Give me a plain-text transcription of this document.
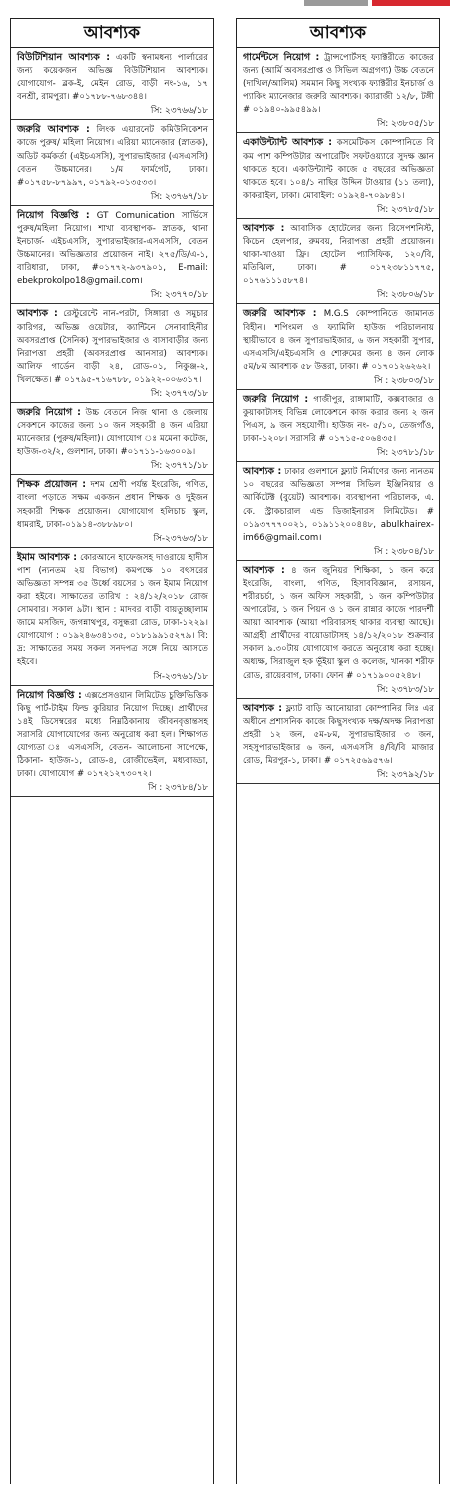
আবশ্যক

বিউটিশিয়ান আবশ্যক : একটি স্বনামধন্য পার্লারের জন্য কয়েকজন অভিজ্ঞ বিউটিশিয়ান আবশ্যক। যোগাযোগ- ব্লক-ই, মেইন রোড, বাড়ী নং-১৬, ১৭ বনশ্রী, রামপুরা। #০১৭৮৮-৭৬৮৩৪৪।

সি: ২৩৭৬৬/১৮

জরুরি আবশ্যক : লিংক এয়ারনেট কমিউনিকেশন কাজে পুরুষ/ মহিলা নিয়োগ। এরিয়া ম্যানেজার (স্নাতক), অডিট কর্মকর্তা (এইচএসসি), সুপারভাইজার (এসএসসি) বেতন উচ্চমানের। ১/ম ফার্মগেট, ঢাকা। #০১৭৫৮-৮৭৯৯৭, ০১৭৯২-০১৩৫৩৩।

সি: ২৩৭৬৭/১৮

নিয়োগ বিজ্ঞপ্তি : GT Comunication সার্ভিসে পুরুষ/মহিলা নিয়োগ। শাখা ব্যবস্থাপক- স্নাতক, থানা ইনচার্জ- এইচএসসি, সুপারভাইজার-এসএসসি, বেতন উচ্চমানের। অভিজ্ঞতার প্রয়োজন নাই। ২৭৫/ডি/এ-১, বারিধারা, ঢাকা, #০১৭৭২-৯৩৭৯০১, E-mail: ebekprokolpo18@gmail.com।

সি: ২৩৭৭০/১৮

আবশ্যক : রেস্টুরেন্টে নান-পরটা, সিঙ্গারা ও সমুচার কারিগর, অভিজ্ঞ ওয়েটার, ক্যান্টিনে সেনাবাহিনীর অবসরপ্রাপ্ত (সৈনিক) সুপারভাইজার ও বাসাবাড়ীর জন্য নিরাপত্তা প্রহরী (অবসরপ্রাপ্ত আনসার) আবশ্যক। আলিফ গার্ডেন বাড়ী ২৪, রোড-০১, নিকুঞ্জ-২, খিলক্ষেত। # ০১৭৯৫-৭১৬৭৮৮, ০১৯২২-০০৬৩১৭।

সি: ২৩৭৭৩/১৮

জরুরি নিয়োগ : উচ্চ বেতনে নিজ থানা ও জেলায় সেকশনে কাজের জন্য ১০ জন সহকারী ৪ জন এরিয়া ম্যানেজার (পুরুষ/মহিলা)। যোগাযোগ ঃ মমেনা কটেজ, হাউজ-৩২/২, গুলশান, ঢাকা। #০১৭১১-১৬৩০০৯।

সি: ২৩৭৭১/১৮

শিক্ষক প্রয়োজন : দশম শ্রেণী পর্যন্ত ইংরেজি, গণিত, বাংলা পড়াতে সক্ষম একজন প্রধান শিক্ষক ও দুইজন সহকারী শিক্ষক প্রয়োজন। যোগাযোগ হলিচাচ স্কুল, ধামরাই, ঢাকা-০১৯১৪-৩৮৮৯৮০।

সি-২৩৭৬৩/১৮

ইমাম আবশ্যক : কোরআনে হাফেজসহ দাওরায়ে হাদীস পাশ (ন্যনতম ২য় বিভাগ) কমপক্ষে ১০ বৎসরের অভিজ্ঞতা সম্পন্ন ৩৫ উর্ধ্বে বয়সের ১ জন ইমাম নিয়োগ করা হইবে। সাক্ষাতের তারিখ : ২৪/১২/২০১৮ রোজ সোমবার। সকাল ৯টা। স্থান : মাদবর বাড়ী বায়তুচ্ছালাম জামে মসজিদ, জগন্নাথপুর, বসুন্ধরা রোড, ঢাকা-১২২৯। যোগাযোগ : ০১৯২৪৬৩৪১৩৫, ০১৮১৯৯১৫২৭৯। বি: দ্র: সাক্ষাতের সময় সকল সনদপত্র সঙ্গে নিয়ে আসতে হইবে।

সি-২৩৭৬১/১৮

নিয়োগ বিজ্ঞপ্তি : এক্সপ্রেসওয়ান লিমিটেড চুক্তিভিত্তিক কিছু পার্ট-টাইম ফিল্ড কুরিয়ার নিয়োগ দিচ্ছে। প্রার্থীদের ১৪ই ডিসেম্বরের মধ্যে নিম্নঠিকানায় জীবনবৃত্তান্তসহ সরাসরি যোগাযোগের জন্য অনুরোধ করা হল। শিক্ষাগত যোগ্যতা ঃ এসএসসি, বেতন- আলোচনা সাপেক্ষে, ঠিকানা- হাউজ-১, রোড-৪, রোজীভেইল, মধ্যবাড্ডা, ঢাকা। যোগাযোগ # ০১৭২১২৭৩০৭২।

সি : ২৩৭৮৪/১৮
আবশ্যক

গার্মেন্টসে নিয়োগ : ট্রান্সপোর্টসহ ফ্যাক্টরীতে কাজের জন্য (আর্মি অবসরপ্রাপ্ত ও সিভিল অগ্রগণ্য) উচ্চ বেতনে (দাখিল/আলিম) সমমান কিছু সংখ্যক ফ্যাক্টরীর ইনচার্জ ও প্যাকিং ম্যানেজার জরুরি আবশ্যক। ক্যারাজী ১২/৮, টঙ্গী # ০১৯৪০-৯৯৫৪৯৯।

সি: ২৩৮০৫/১৮

একাউন্ট্যান্ট আবশ্যক : কসমেটিকস কোম্পানিতে বি কম পাশ কম্পিউটার অপারেটিং সফটওয়্যারে সুদক্ষ জ্ঞান থাকতে হবে। একাউন্ট্যান্ট কাজে ৫ বছরের অভিজ্ঞতা থাকতে হবে। ১০৪/১ নাছির উদ্দিন টাওয়ার (১১ তলা), কাকরাইল, ঢাকা। মোবাইল: ০১৯২৪-৭০৯৮৪১।

সি: ২৩৭৮৫/১৮

আবশ্যক : আবাসিক হোটেলের জন্য রিসেপশনিস্ট, কিচেন হেলপার, রুমবয়, নিরাপত্তা প্রহরী প্রয়োজন। থাকা-খাওয়া ফ্রি। হোটেল প্যাসিফিক, ১২০/বি, মতিঝিল, ঢাকা। # ০১৭২৩৮১১৭৭৫, ০১৭৬১১১৫৮৭৪।

সি: ২৩৮০৬/১৮

জরুরি আবশ্যক : M.G.S কোম্পানিতে জামানত বিহীন। শপিংমল ও ফ্যামিলি হাউজ পরিচালনায় স্থায়ীভাবে ৪ জন সুপারভাইজার, ৬ জন সহকারী সুপার, এসএসসি/এইচএসসি ও শোরুমের জন্য ৪ জন লোক ৫ম/৮ম আবশ্যক ৫৮ উত্তরা, ঢাকা। # ০১৭০১২৬২৬২।

সি : ২৩৮০৩/১৮

জরুরি নিয়োগ : গাজীপুর, রাঙ্গামাটি, কক্সবাজার ও কুয়াকাটাসহ বিভিন্ন লোকেশনে কাজ করার জন্য ২ জন পিএস, ৯ জন সহযোগী। হাউজ নং- ৫/১০, তেজগাঁও, ঢাকা-১২০৮। সরাসরি # ০১৭১৫-৫০৬৪৩৫।

সি: ২৩৭৮১/১৮

আবশ্যক : ঢাকার গুলশানে ফ্ল্যাট নির্মাণের জন্য ন্যনতম ১০ বছরের অভিজ্ঞতা সম্পন্ন সিভিল ইঞ্জিনিয়ার ও আর্কিটেক্ট (বুয়েট) আবশ্যক। ব্যবস্থাপনা পরিচালক, এ. কে. স্ট্রাকচারাল এন্ড ডিজাইনারস লিমিটেড। # ০১৯৩৭৭৭০০২১, ০১৯১১২০০৪৪৮, abulkhairex-im66@gmail.com।

সি : ২৩৮০৪/১৮

আবশ্যক : ৪ জন জুনিয়র শিক্ষিকা, ১ জন করে ইংরেজি, বাংলা, গণিত, হিসাববিজ্ঞান, রসায়ন, শরীরচর্চা, ১ জন অফিস সহকারী, ১ জন কম্পিউটার অপারেটর, ১ জন পিয়ন ও ১ জন রান্নার কাজে পারদর্শী আয়া আবশ্যক (আয়া পরিবারসহ থাকার ব্যবস্থা আছে)। আগ্রহী প্রার্থীদের বায়োডাটাসহ ১৪/১২/২০১৮ শুক্রবার সকাল ৯.৩০টায় যোগাযোগ করতে অনুরোধ করা হচ্ছে। অধ্যক্ষ, সিরাজুল হক ভূঁইয়া স্কুল ও কলেজ, খানকা শরীফ রোড, রায়েরবাগ, ঢাকা। ফোন # ০১৭১৯০০৫২৪৮।

সি: ২৩৭৮৩/১৮

আবশ্যক : ফ্ল্যাট বাড়ি আনোয়ারা কোম্পানির লিঃ এর অধীনে প্রশাসনিক কাজে কিছুসংখ্যক দক্ষ/অদক্ষ নিরাপত্তা প্রহরী ১২ জন, ৫ম-৮ম, সুপারভাইজার ৩ জন, সহসুপারভাইজার ৬ জন, এসএসসি ৪/বি/বি মাজার রোড, মিরপুর-১, ঢাকা। # ০১৭২৫৬৯৫৭৬।

সি: ২৩৭৯২/১৮
